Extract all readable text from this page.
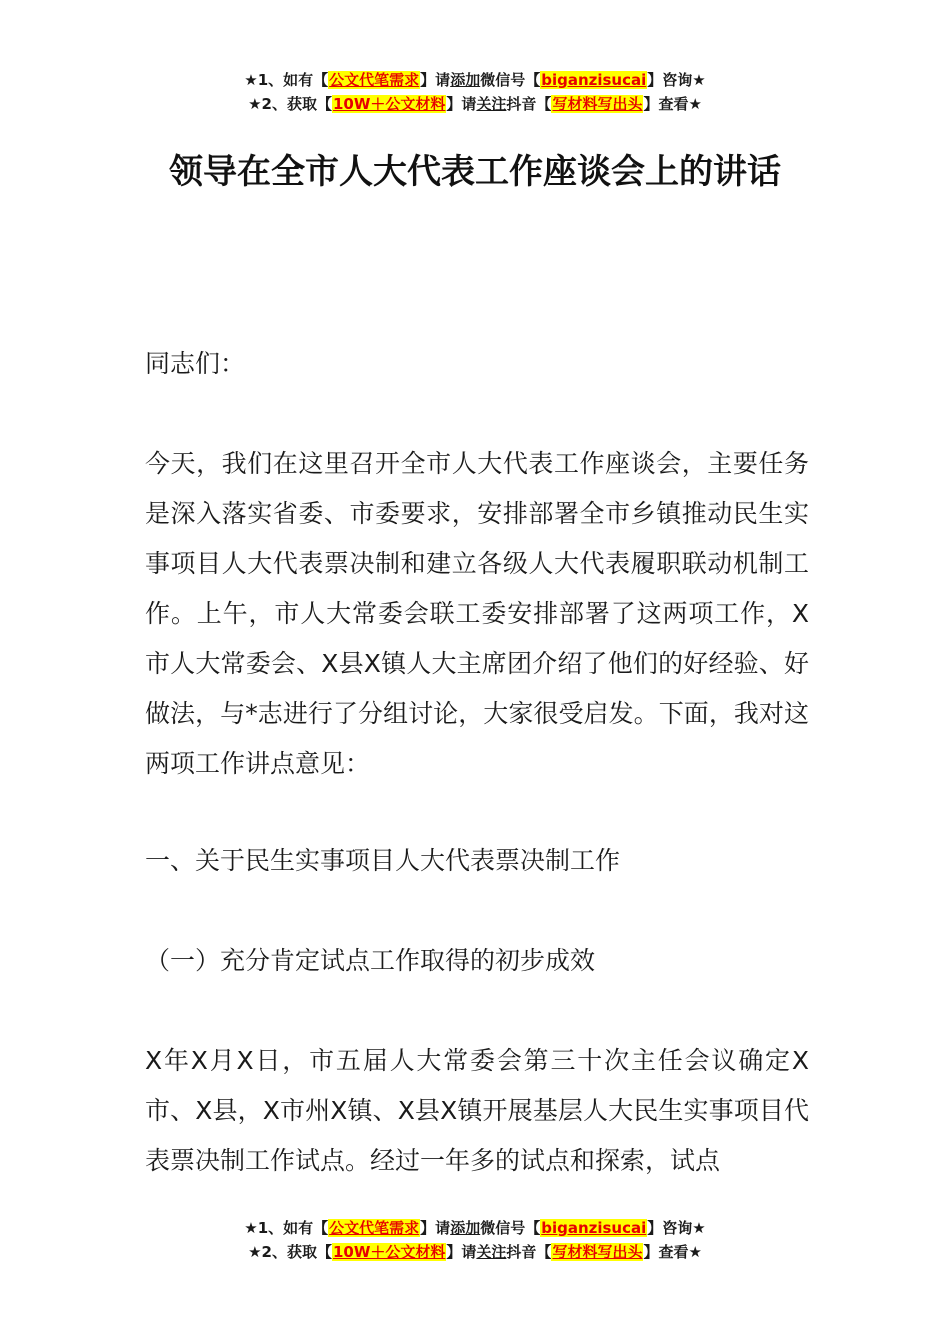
★1、如有【公文代笔需求】请添加微信号【biganzisucai】咨询★
★2、获取【10W＋公文材料】请关注抖音【写材料写出头】查看★
领导在全市人大代表工作座谈会上的讲话

同志们：

今天，我们在这里召开全市人大代表工作座谈会，主要任务是深入落实省委、市委要求，安排部署全市乡镇推动民生实事项目人大代表票决制和建立各级人大代表履职联动机制工作。上午，市人大常委会联工委安排部署了这两项工作，X市人大常委会、X县X镇人大主席团介绍了他们的好经验、好做法，与*志进行了分组讨论，大家很受启发。下面，我对这两项工作讲点意见：

一、关于民生实事项目人大代表票决制工作

（一）充分肯定试点工作取得的初步成效

X年X月X日，市五届人大常委会第三十次主任会议确定X市、X县，X市州X镇、X县X镇开展基层人大民生实事项目代表票决制工作试点。经过一年多的试点和探索，试点

★1、如有【公文代笔需求】请添加微信号【biganzisucai】咨询★
★2、获取【10W＋公文材料】请关注抖音【写材料写出头】查看★
